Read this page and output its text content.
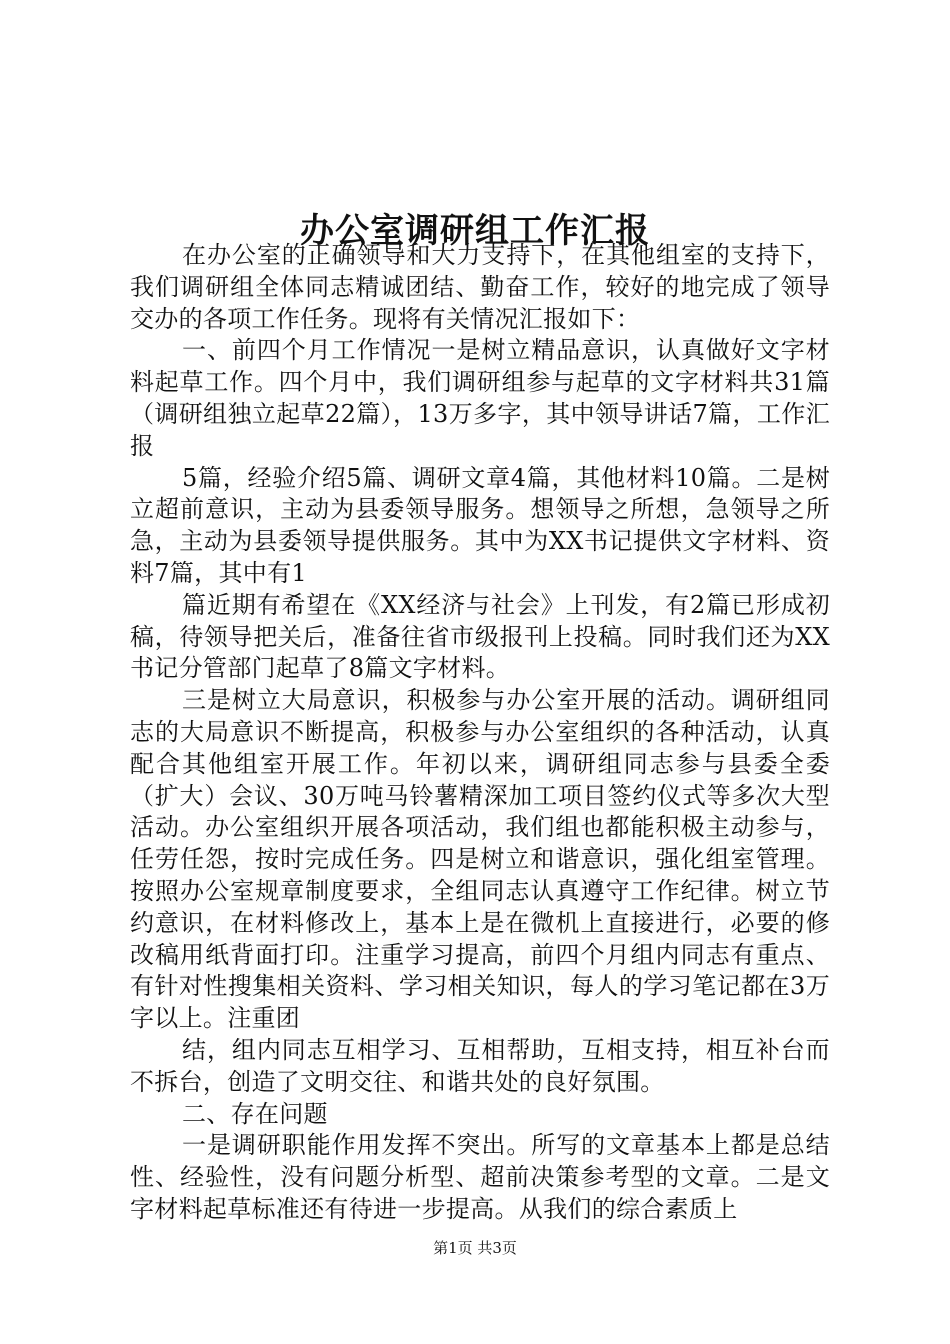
办公室调研组工作汇报

在办公室的正确领导和大力支持下，在其他组室的支持下，我们调研组全体同志精诚团结、勤奋工作，较好的地完成了领导交办的各项工作任务。现将有关情况汇报如下：

一、前四个月工作情况一是树立精品意识，认真做好文字材料起草工作。四个月中，我们调研组参与起草的文字材料共31篇（调研组独立起草22篇），13万多字，其中领导讲话7篇，工作汇报

5篇，经验介绍5篇、调研文章4篇，其他材料10篇。二是树立超前意识，主动为县委领导服务。想领导之所想，急领导之所急，主动为县委领导提供服务。其中为XX书记提供文字材料、资料7篇，其中有1

篇近期有希望在《XX经济与社会》上刊发，有2篇已形成初稿，待领导把关后，准备往省市级报刊上投稿。同时我们还为XX书记分管部门起草了8篇文字材料。

三是树立大局意识，积极参与办公室开展的活动。调研组同志的大局意识不断提高，积极参与办公室组织的各种活动，认真配合其他组室开展工作。年初以来，调研组同志参与县委全委（扩大）会议、30万吨马铃薯精深加工项目签约仪式等多次大型活动。办公室组织开展各项活动，我们组也都能积极主动参与，任劳任怨，按时完成任务。四是树立和谐意识，强化组室管理。按照办公室规章制度要求，全组同志认真遵守工作纪律。树立节约意识，在材料修改上，基本上是在微机上直接进行，必要的修改稿用纸背面打印。注重学习提高，前四个月组内同志有重点、有针对性搜集相关资料、学习相关知识，每人的学习笔记都在3万字以上。注重团

结，组内同志互相学习、互相帮助，互相支持，相互补台而不拆台，创造了文明交往、和谐共处的良好氛围。

二、存在问题

一是调研职能作用发挥不突出。所写的文章基本上都是总结性、经验性，没有问题分析型、超前决策参考型的文章。二是文字材料起草标准还有待进一步提高。从我们的综合素质上

第1页 共3页
